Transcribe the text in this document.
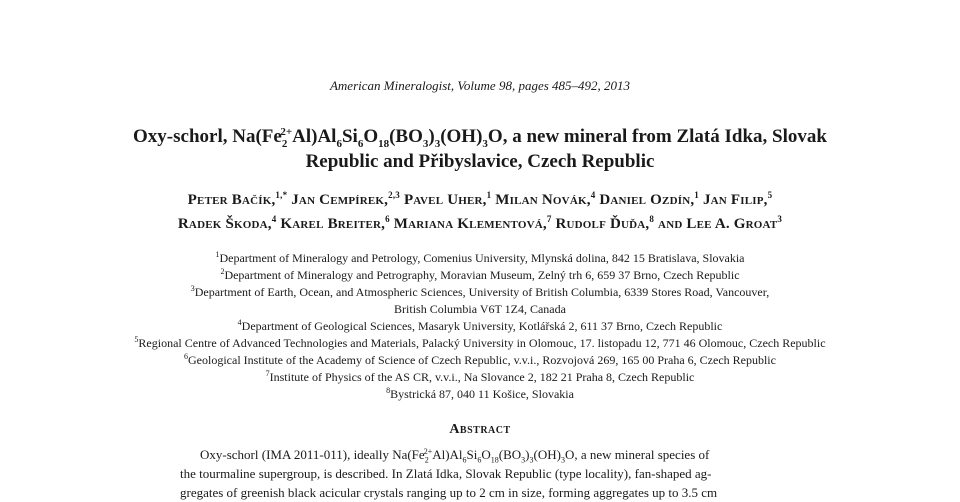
American Mineralogist, Volume 98, pages 485–492, 2013
Oxy-schorl, $Na(Fe_2^{2+}Al)Al_6Si_6O_{18}(BO_3)_3(OH)_3O$, a new mineral from Zlatá Idka, Slovak
Republic and Přibyslavice, Czech Republic
Peter Bačík,$^{1,*}$ Jan Cempírek,$^{2,3}$ Pavel Uher,$^1$ Milan Novák,$^4$ Daniel Ozdín,$^1$ Jan Filip,$^5$
Radek Škoda,$^4$ Karel Breiter,$^6$ Mariana Klementová,$^7$ Rudolf Ďuďa,$^8$ and Lee A. Groat$^3$
$^1$Department of Mineralogy and Petrology, Comenius University, Mlynská dolina, 842 15 Bratislava, Slovakia
$^2$Department of Mineralogy and Petrography, Moravian Museum, Zelný trh 6, 659 37 Brno, Czech Republic
$^3$Department of Earth, Ocean, and Atmospheric Sciences, University of British Columbia, 6339 Stores Road, Vancouver,
British Columbia V6T 1Z4, Canada
$^4$Department of Geological Sciences, Masaryk University, Kotlářská 2, 611 37 Brno, Czech Republic
$^5$Regional Centre of Advanced Technologies and Materials, Palacký University in Olomouc, 17. listopadu 12, 771 46 Olomouc, Czech Republic
$^6$Geological Institute of the Academy of Science of Czech Republic, v.v.i., Rozvojová 269, 165 00 Praha 6, Czech Republic
$^7$Institute of Physics of the AS CR, v.v.i., Na Slovance 2, 182 21 Praha 8, Czech Republic
$^8$Bystrická 87, 040 11 Košice, Slovakia
Abstract
Oxy-schorl (IMA 2011-011), ideally $Na(Fe_2^{2+}Al)Al_6Si_6O_{18}(BO_3)_3(OH)_3O$, a new mineral species of
the tourmaline supergroup, is described. In Zlatá Idka, Slovak Republic (type locality), fan-shaped ag-
gregates of greenish black acicular crystals ranging up to 2 cm in size, forming aggregates up to 3.5 cm
